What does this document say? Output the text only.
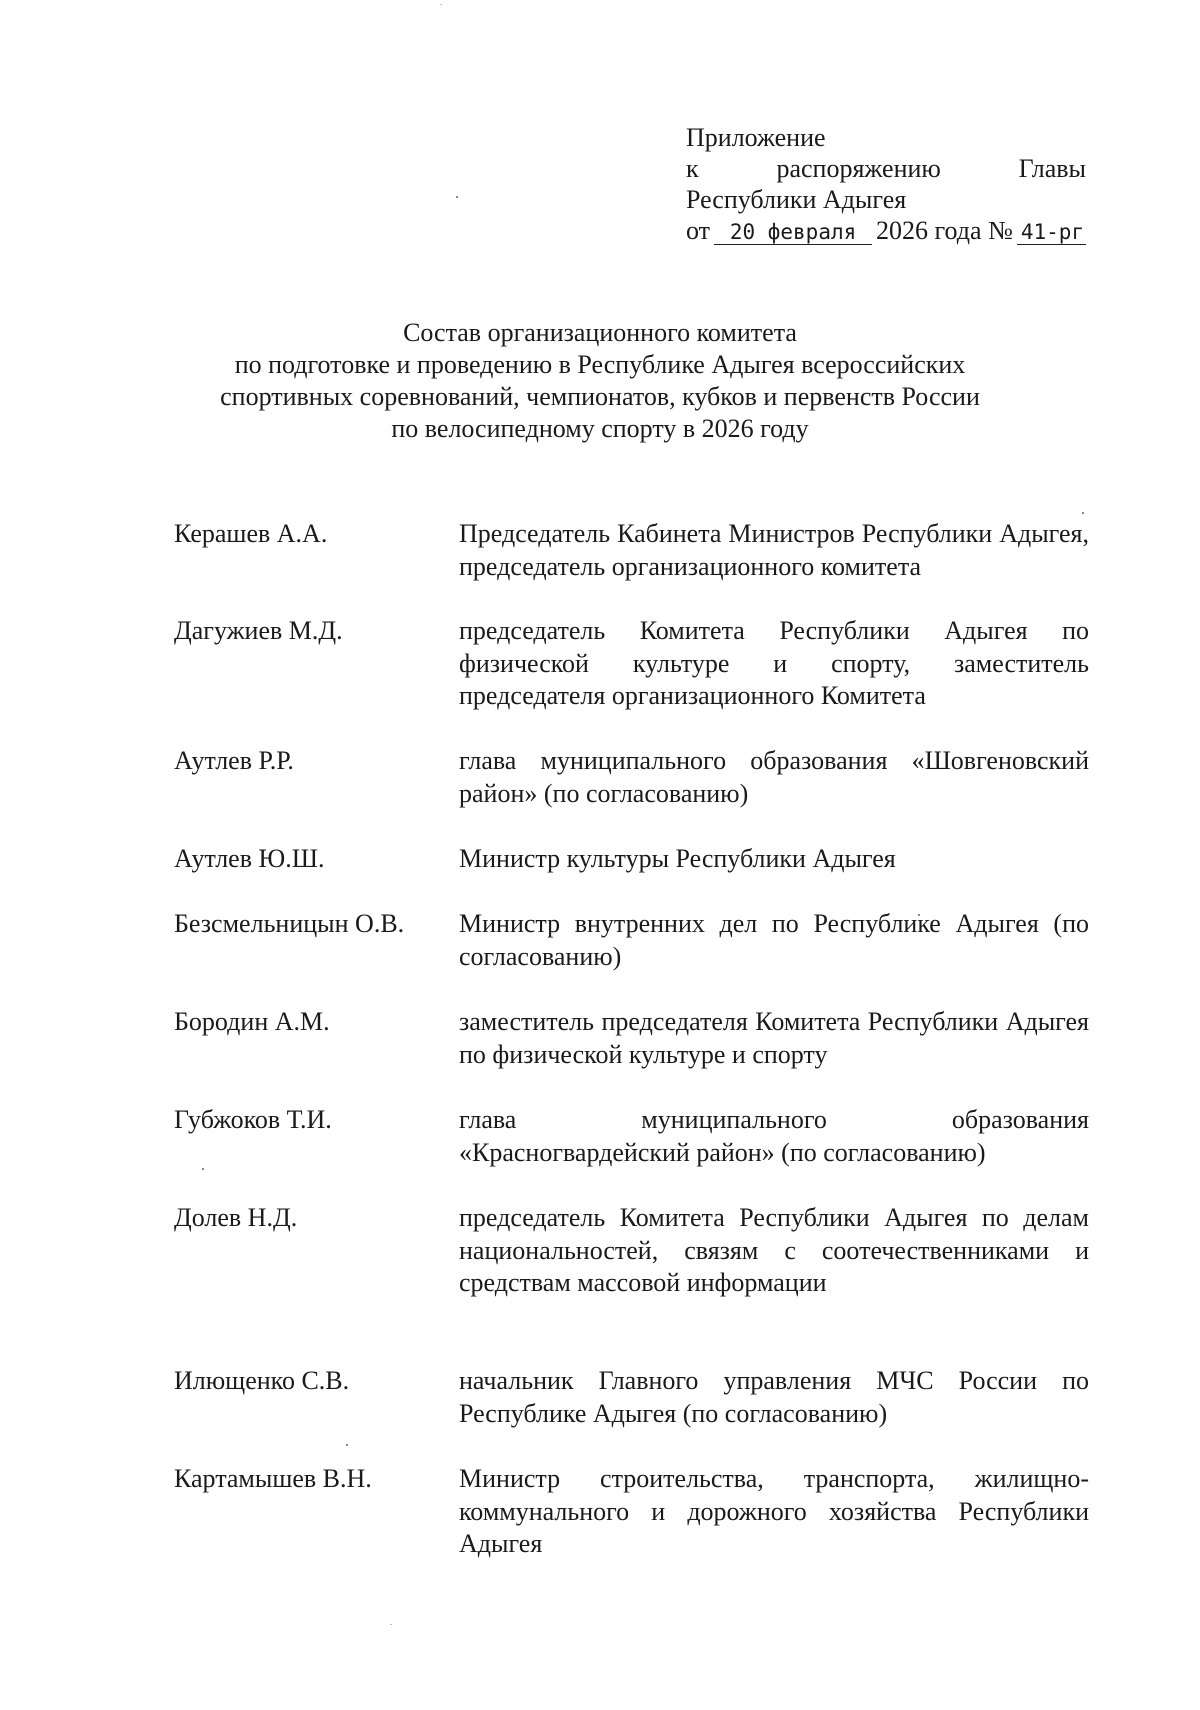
Приложение
к	распоряжению	Главы
Республики Адыгея
от 20 февраля 2026 года № 41-рг
Состав организационного комитета
по подготовке и проведению в Республике Адыгея всероссийских
спортивных соревнований, чемпионатов, кубков и первенств России
по велосипедному спорту в 2026 году
Керашев А.А.	Председатель Кабинета Министров Республики Адыгея, председатель организационного комитета
Дагужиев М.Д.	председатель Комитета Республики Адыгея по физической культуре и спорту, заместитель председателя организационного Комитета
Аутлев Р.Р.	глава муниципального образования «Шовгеновский район» (по согласованию)
Аутлев Ю.Ш.	Министр культуры Республики Адыгея
Безсмельницын О.В.	Министр внутренних дел по Республике Адыгея (по согласованию)
Бородин А.М.	заместитель председателя Комитета Республики Адыгея по физической культуре и спорту
Губжоков Т.И.	глава муниципального образования «Красногвардейский район» (по согласованию)
Долев Н.Д.	председатель Комитета Республики Адыгея по делам национальностей, связям с соотечественниками и средствам массовой информации
Илющенко С.В.	начальник Главного управления МЧС России по Республике Адыгея (по согласованию)
Картамышев В.Н.	Министр строительства, транспорта, жилищно-коммунального и дорожного хозяйства Республики Адыгея
